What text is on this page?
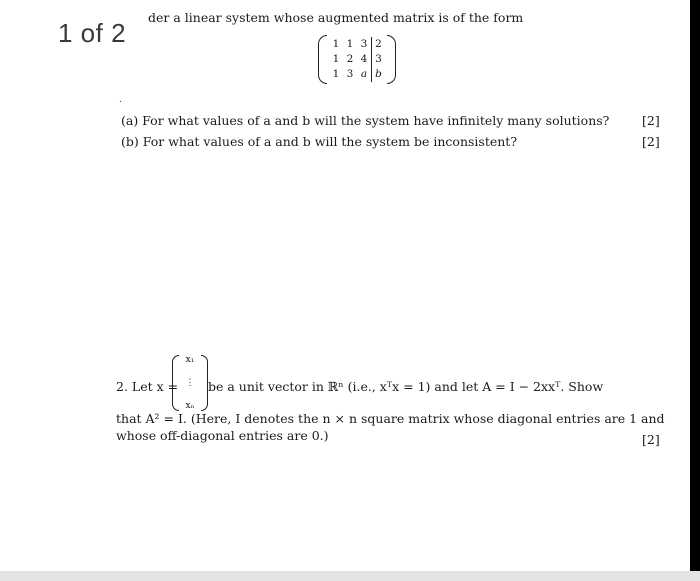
1 of 2
der a linear system whose augmented matrix is of the form
1 1 3 2
1 2 4 3
1 3 a b
·
(a) For what values of a and b will the system have infinitely many solutions?	[2]
(b) For what values of a and b will the system be inconsistent?	[2]
2. Let x =
x₁
⋮
xₙ
be a unit vector in ℝⁿ (i.e., xᵀx = 1) and let A = I − 2xxᵀ. Show
that A² = I. (Here, I denotes the n × n square matrix whose diagonal entries are 1 and
whose off-diagonal entries are 0.)	[2]
